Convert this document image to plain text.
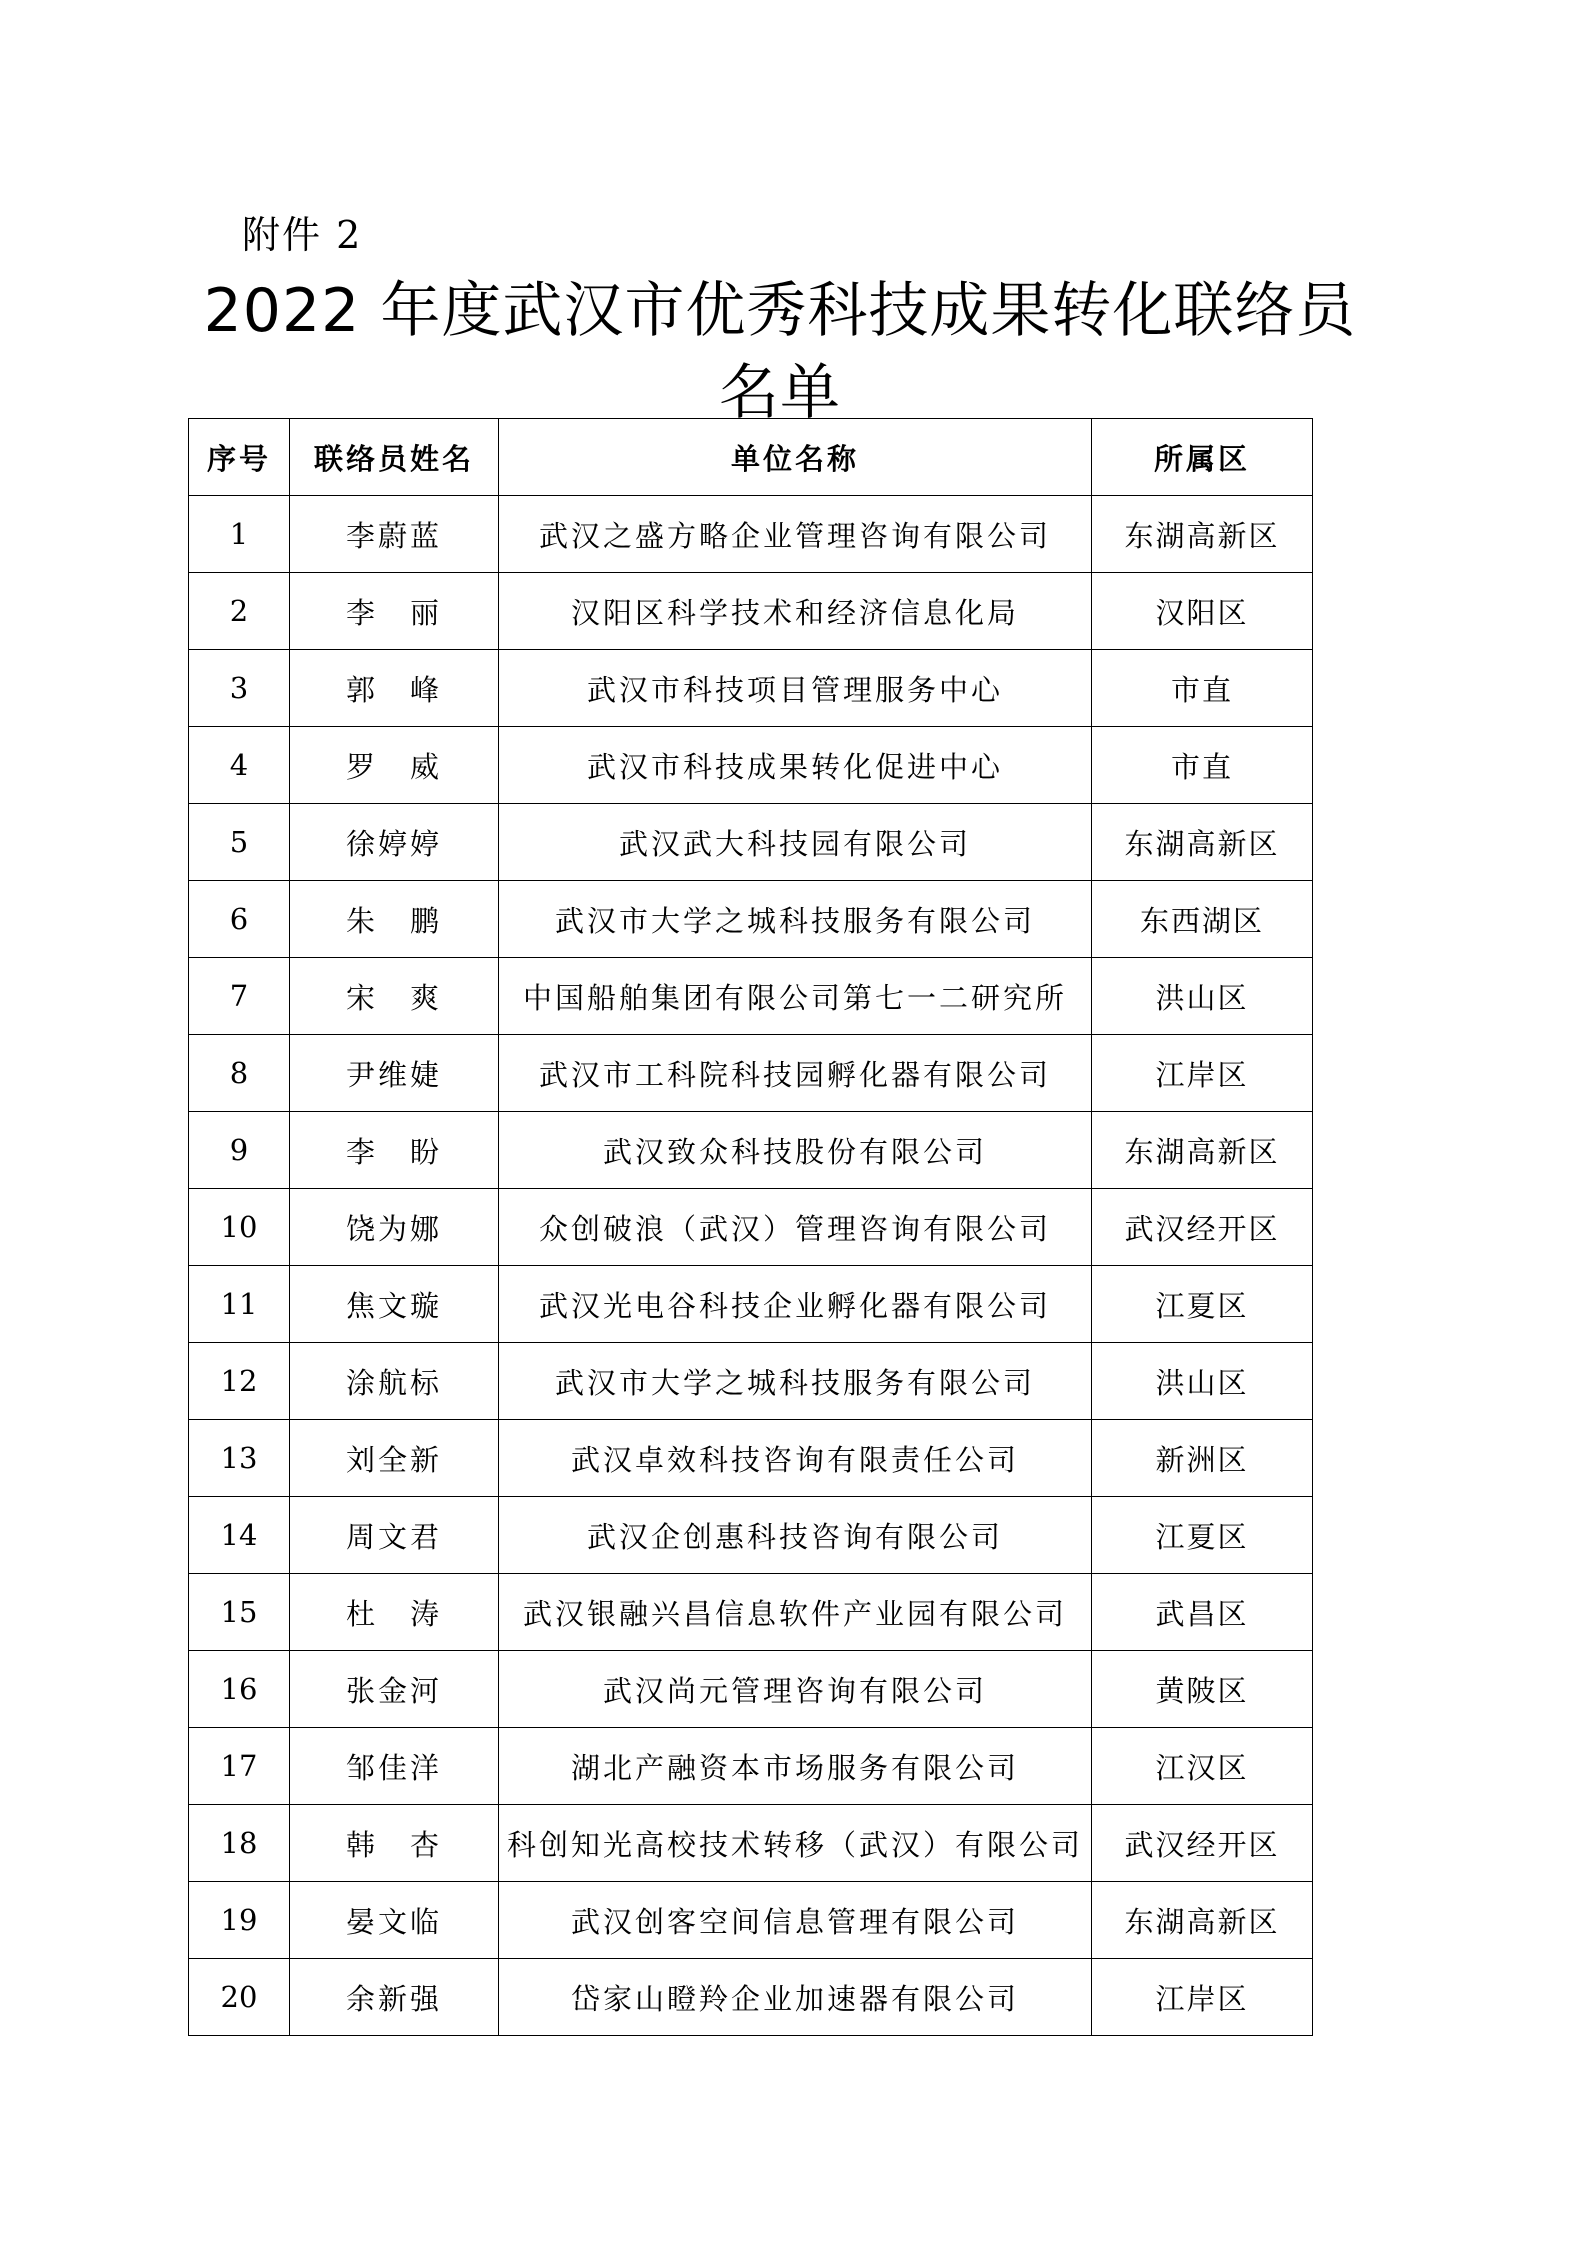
附件 2
2022 年度武汉市优秀科技成果转化联络员
名单
序号	联络员姓名	单位名称	所属区
1	李蔚蓝	武汉之盛方略企业管理咨询有限公司	东湖高新区
2	李　丽	汉阳区科学技术和经济信息化局	汉阳区
3	郭　峰	武汉市科技项目管理服务中心	市直
4	罗　威	武汉市科技成果转化促进中心	市直
5	徐婷婷	武汉武大科技园有限公司	东湖高新区
6	朱　鹏	武汉市大学之城科技服务有限公司	东西湖区
7	宋　爽	中国船舶集团有限公司第七一二研究所	洪山区
8	尹维婕	武汉市工科院科技园孵化器有限公司	江岸区
9	李　盼	武汉致众科技股份有限公司	东湖高新区
10	饶为娜	众创破浪（武汉）管理咨询有限公司	武汉经开区
11	焦文璇	武汉光电谷科技企业孵化器有限公司	江夏区
12	涂航标	武汉市大学之城科技服务有限公司	洪山区
13	刘全新	武汉卓效科技咨询有限责任公司	新洲区
14	周文君	武汉企创惠科技咨询有限公司	江夏区
15	杜　涛	武汉银融兴昌信息软件产业园有限公司	武昌区
16	张金河	武汉尚元管理咨询有限公司	黄陂区
17	邹佳洋	湖北产融资本市场服务有限公司	江汉区
18	韩　杏	科创知光高校技术转移（武汉）有限公司	武汉经开区
19	晏文临	武汉创客空间信息管理有限公司	东湖高新区
20	余新强	岱家山瞪羚企业加速器有限公司	江岸区
